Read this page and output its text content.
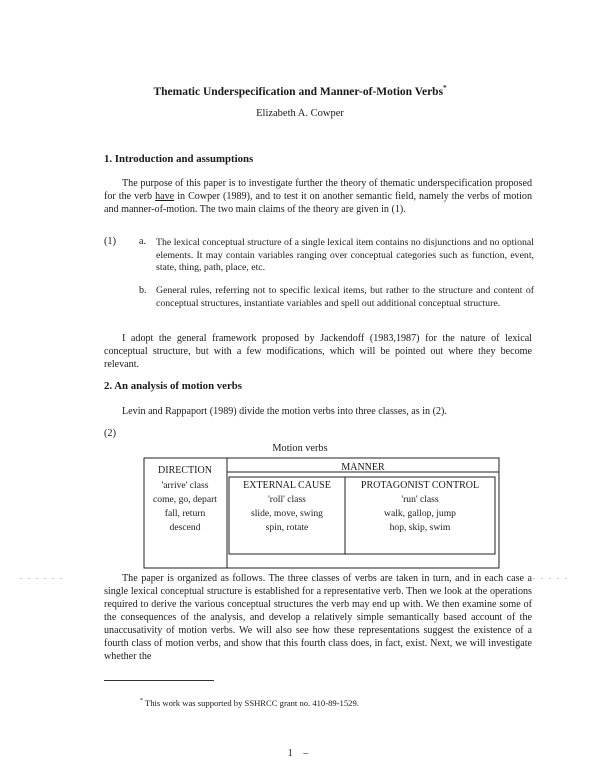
Thematic Underspecification and Manner-of-Motion Verbs*
Elizabeth A. Cowper
1. Introduction and assumptions
The purpose of this paper is to investigate further the theory of thematic underspecification proposed for the verb have in Cowper (1989), and to test it on another semantic field, namely the verbs of motion and manner-of-motion. The two main claims of the theory are given in (1).
(1) a. The lexical conceptual structure of a single lexical item contains no disjunctions and no optional elements. It may contain variables ranging over conceptual categories such as function, event, state, thing, path, place, etc.
b. General rules, referring not to specific lexical items, but rather to the structure and content of conceptual structures, instantiate variables and spell out additional conceptual structure.
I adopt the general framework proposed by Jackendoff (1983,1987) for the nature of lexical conceptual structure, but with a few modifications, which will be pointed out where they become relevant.
2. An analysis of motion verbs
Levin and Rappaport (1989) divide the motion verbs into three classes, as in (2).
(2)
Motion verbs
MANNER
DIRECTION
'arrive' class
come, go, depart
fall, return
descend
EXTERNAL CAUSE
'roll' class
slide, move, swing
spin, rotate
PROTAGONIST CONTROL
'run' class
walk, gallop, jump
hop, skip, swim
The paper is organized as follows. The three classes of verbs are taken in turn, and in each case a single lexical conceptual structure is established for a representative verb. Then we look at the operations required to derive the various conceptual structures the verb may end up with. We then examine some of the consequences of the analysis, and develop a relatively simple semantically based account of the unaccusativity of motion verbs. We will also see how these representations suggest the existence of a fourth class of motion verbs, and show that this fourth class does, in fact, exist. Next, we will investigate whether the
. . . . . .	. . . . .
* This work was supported by SSHRCC grant no. 410-89-1529.
1 –
